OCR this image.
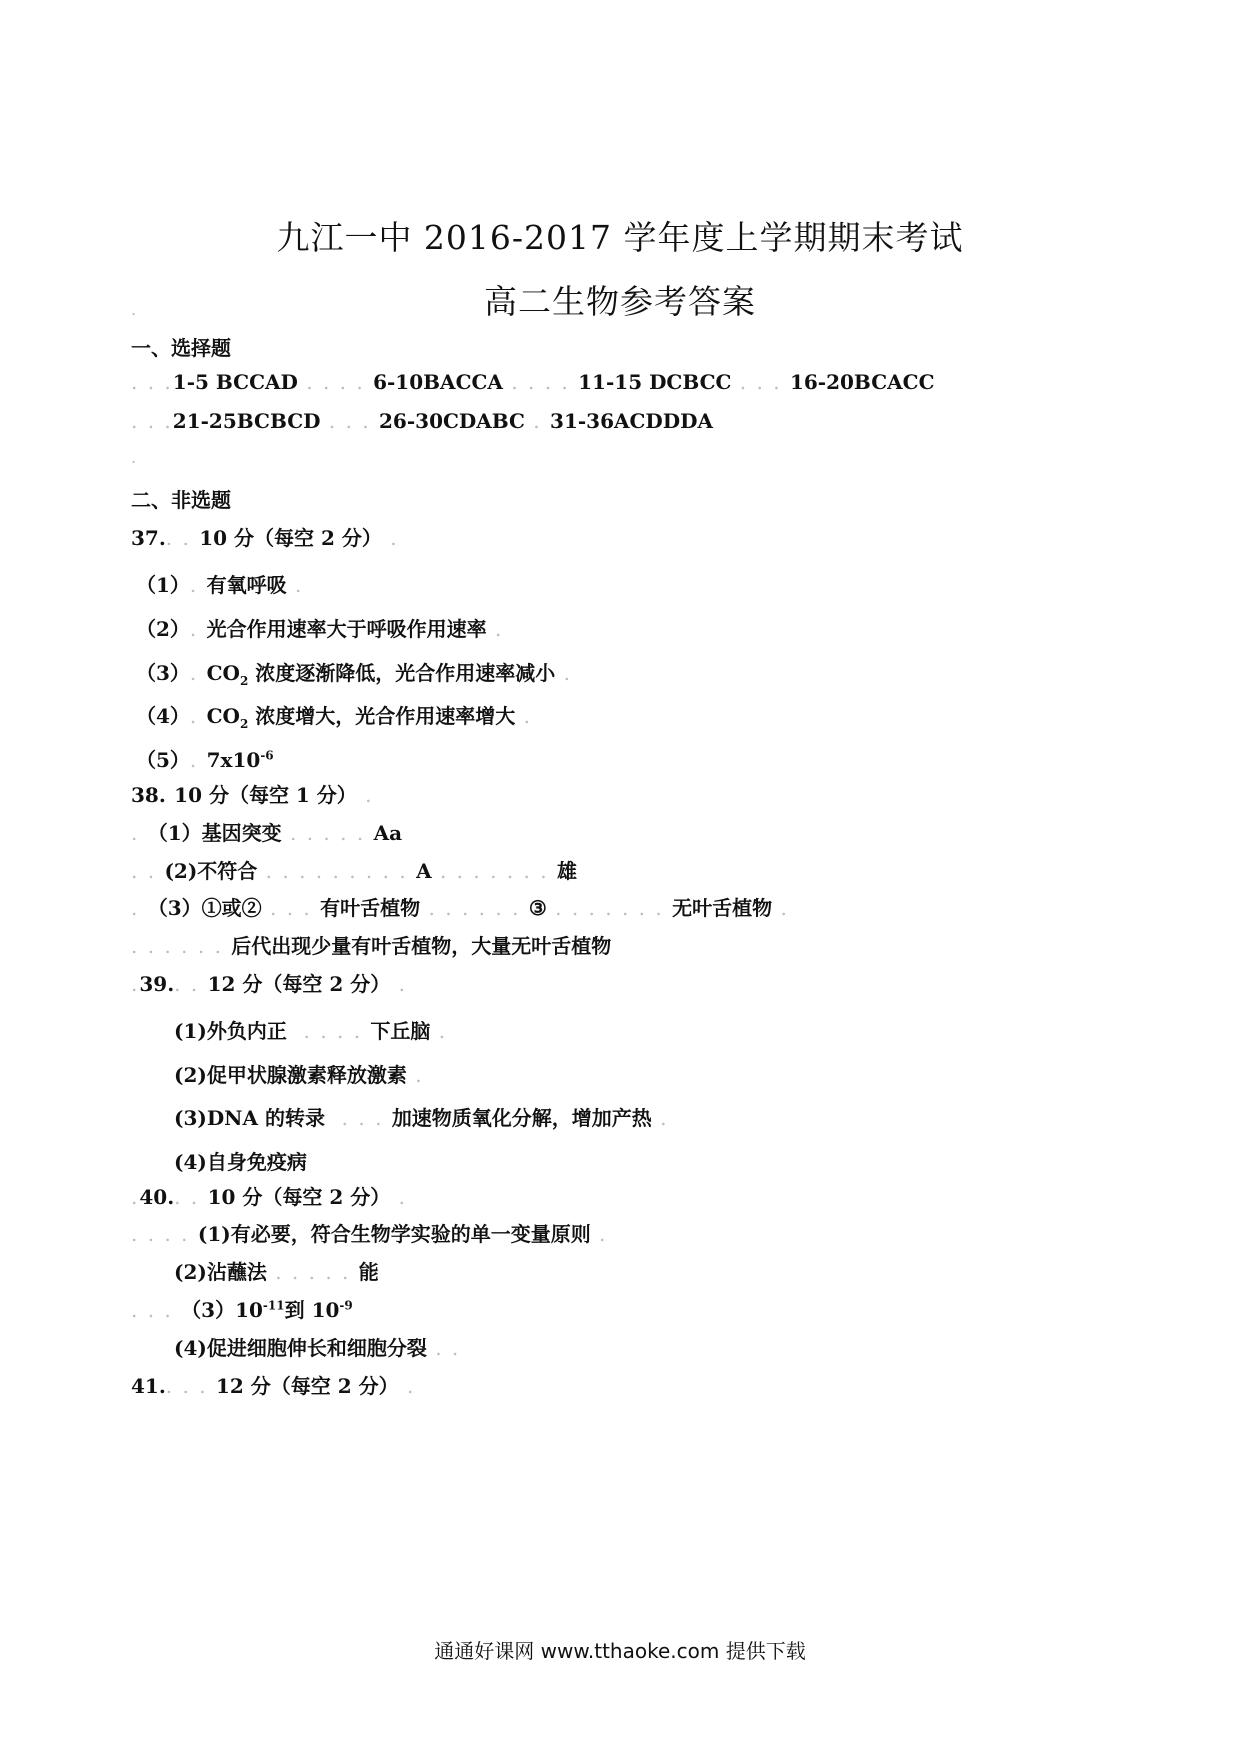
九江一中 2016-2017 学年度上学期期末考试
高二生物参考答案
.
一、选择题
. . .1-5 BCCAD . . . . 6-10BACCA . . . . 11-15 DCBCC . . . 16-20BCACC
. . .21-25BCBCD . . . 26-30CDABC . 31-36ACDDDA
.
二、非选题
37.. . 10 分（每空 2 分） .
（1）. 有氧呼吸 .
（2）. 光合作用速率大于呼吸作用速率 .
（3）. $CO_2$ 浓度逐渐降低，光合作用速率减小 .
（4）. $CO_2$ 浓度增大，光合作用速率增大 .
（5）. $7x10^{-6}$
38. 10 分（每空 1 分） .
. （1）基因突变 . . . . . Aa
. . (2)不符合 . . . . . . . . . A . . . . . . . 雄
. （3）①或② . . . 有叶舌植物 . . . . . . ③ . . . . . . . 无叶舌植物 .
. . . . . . 后代出现少量有叶舌植物，大量无叶舌植物
.39.. . 12 分（每空 2 分） .
(1)外负内正  . . . . 下丘脑 .
(2)促甲状腺激素释放激素 .
(3)DNA 的转录  . . . 加速物质氧化分解，增加产热 .
(4)自身免疫病
.40.. . 10 分（每空 2 分） .
. . . . (1)有必要，符合生物学实验的单一变量原则 .
(2)沾蘸法 . . . . . 能
. . . $(3)10^{-11}$到 $10^{-9}$
(4)促进细胞伸长和细胞分裂 . .
41.. . . 12 分（每空 2 分） .
通通好课网 www.tthaoke.com 提供下载
